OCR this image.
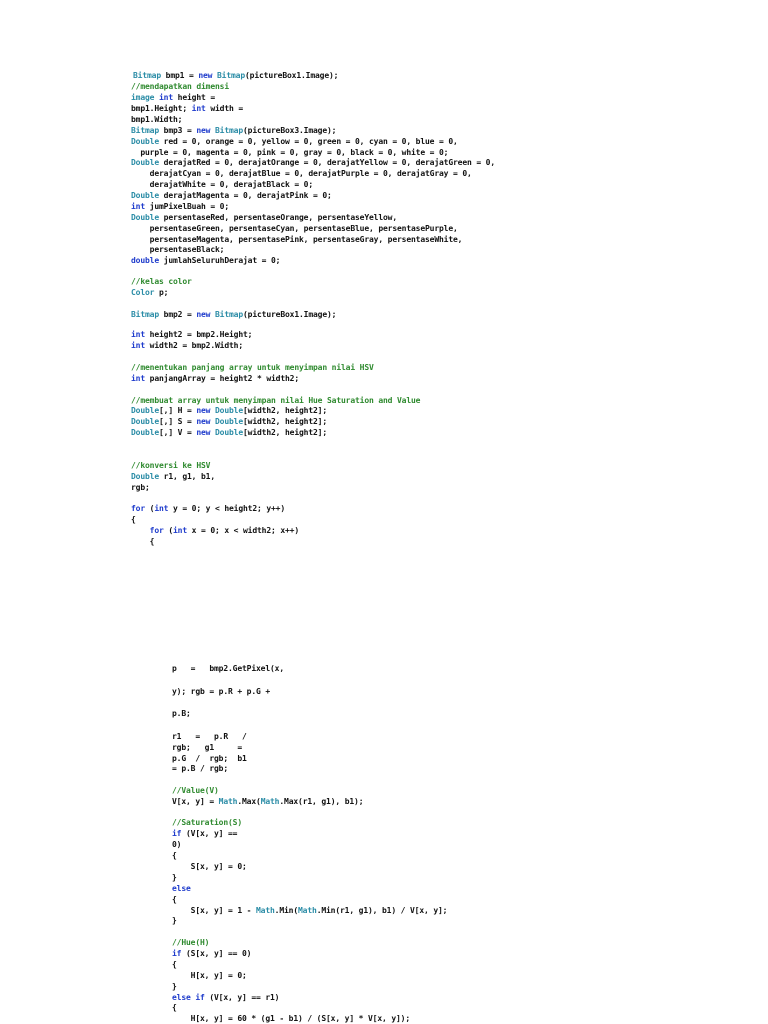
Bitmap bmp1 = new Bitmap(pictureBox1.Image);
//mendapatkan dimensi
image int height =
bmp1.Height; int width =
bmp1.Width;
Bitmap bmp3 = new Bitmap(pictureBox3.Image);
Double red = 0, orange = 0, yellow = 0, green = 0, cyan = 0, blue = 0,
purple = 0, magenta = 0, pink = 0, gray = 0, black = 0, white = 0;
Double derajatRed = 0, derajatOrange = 0, derajatYellow = 0, derajatGreen = 0,
derajatCyan = 0, derajatBlue = 0, derajatPurple = 0, derajatGray = 0,
derajatWhite = 0, derajatBlack = 0;
Double derajatMagenta = 0, derajatPink = 0;
int jumPixelBuah = 0;
Double persentaseRed, persentaseOrange, persentaseYellow,
persentaseGreen, persentaseCyan, persentaseBlue, persentasePurple,
persentaseMagenta, persentasePink, persentaseGray, persentaseWhite,
persentaseBlack;
double jumlahSeluruhDerajat = 0;
//kelas color
Color p;
Bitmap bmp2 = new Bitmap(pictureBox1.Image);
int height2 = bmp2.Height;
int width2 = bmp2.Width;
//menentukan panjang array untuk menyimpan nilai HSV
int panjangArray = height2 * width2;
//membuat array untuk menyimpan nilai Hue Saturation and Value
Double[,] H = new Double[width2, height2];
Double[,] S = new Double[width2, height2];
Double[,] V = new Double[width2, height2];
//konversi ke HSV
Double r1, g1, b1,
rgb;
for (int y = 0; y < height2; y++)
{
for (int x = 0; x < width2; x++)
{
p   =   bmp2.GetPixel(x,
y); rgb = p.R + p.G +
p.B;
r1   =   p.R   /
rgb;   g1     =
p.G  /  rgb;  b1
= p.B / rgb;
//Value(V)
V[x, y] = Math.Max(Math.Max(r1, g1), b1);
//Saturation(S)
if (V[x, y] ==
0)
{
S[x, y] = 0;
}
else
{
S[x, y] = 1 - Math.Min(Math.Min(r1, g1), b1) / V[x, y];
}
//Hue(H)
if (S[x, y] == 0)
{
H[x, y] = 0;
}
else if (V[x, y] == r1)
{
H[x, y] = 60 * (g1 - b1) / (S[x, y] * V[x, y]);
